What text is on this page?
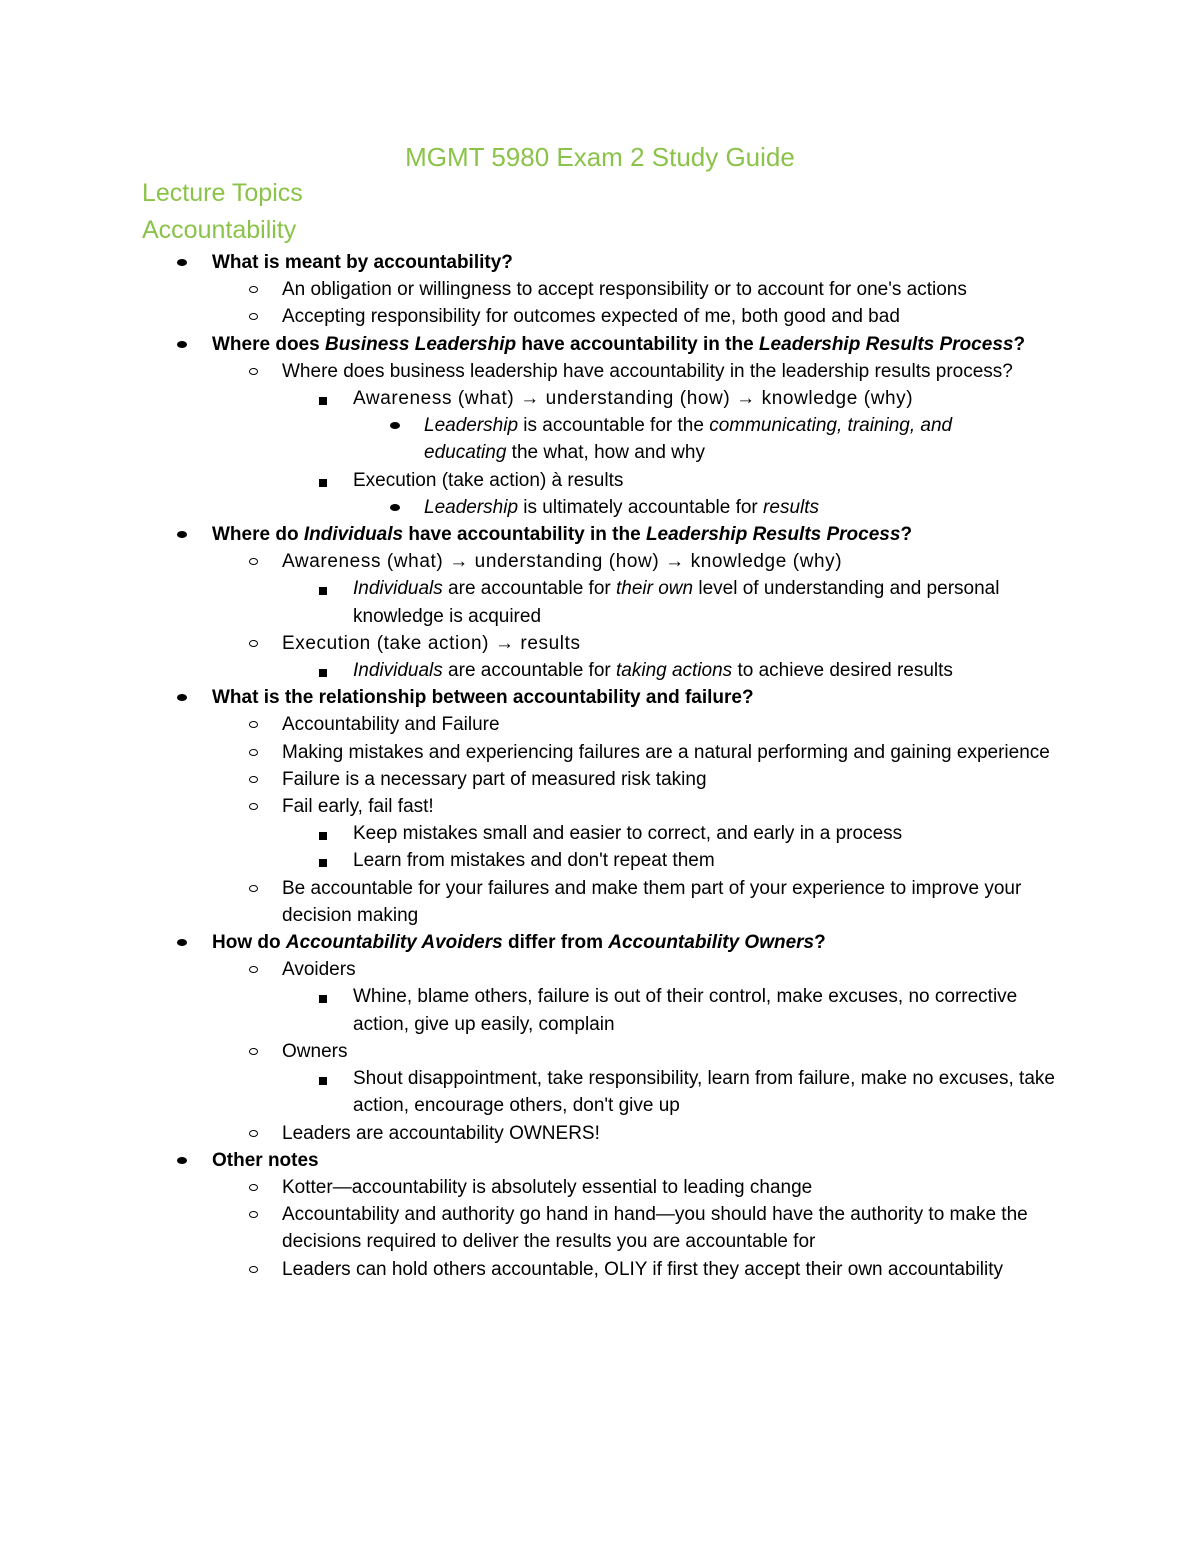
MGMT 5980 Exam 2 Study Guide
Lecture Topics
Accountability
What is meant by accountability?
An obligation or willingness to accept responsibility or to account for one's actions
Accepting responsibility for outcomes expected of me, both good and bad
Where does Business Leadership have accountability in the Leadership Results Process?
Where does business leadership have accountability in the leadership results process?
Awareness (what) → understanding (how) → knowledge (why)
Leadership is accountable for the communicating, training, and educating the what, how and why
Execution (take action) à results
Leadership is ultimately accountable for results
Where do Individuals have accountability in the Leadership Results Process?
Awareness (what) → understanding (how) → knowledge (why)
Individuals are accountable for their own level of understanding and personal knowledge is acquired
Execution (take action) → results
Individuals are accountable for taking actions to achieve desired results
What is the relationship between accountability and failure?
Accountability and Failure
Making mistakes and experiencing failures are a natural performing and gaining experience
Failure is a necessary part of measured risk taking
Fail early, fail fast!
Keep mistakes small and easier to correct, and early in a process
Learn from mistakes and don't repeat them
Be accountable for your failures and make them part of your experience to improve your decision making
How do Accountability Avoiders differ from Accountability Owners?
Avoiders
Whine, blame others, failure is out of their control, make excuses, no corrective action, give up easily, complain
Owners
Shout disappointment, take responsibility, learn from failure, make no excuses, take action, encourage others, don't give up
Leaders are accountability OWNERS!
Other notes
Kotter—accountability is absolutely essential to leading change
Accountability and authority go hand in hand—you should have the authority to make the decisions required to deliver the results you are accountable for
Leaders can hold others accountable, OLIY if first they accept their own accountability
